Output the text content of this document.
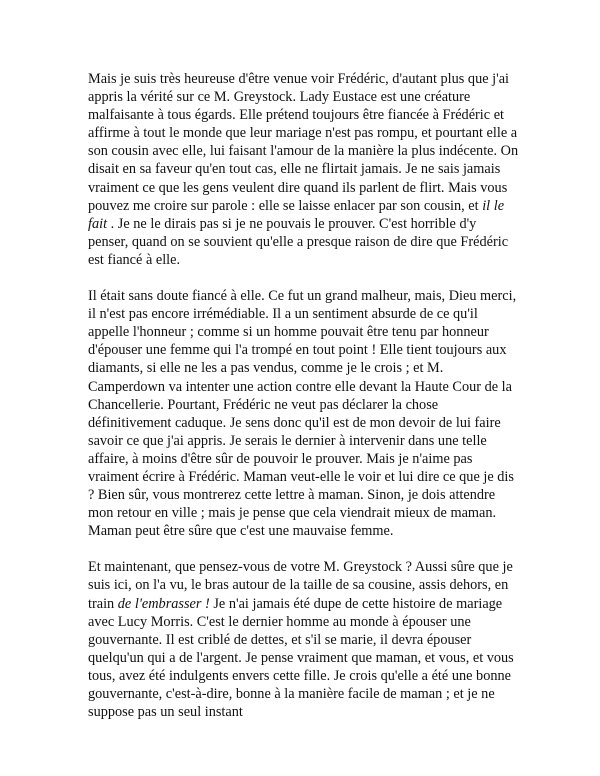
Mais je suis très heureuse d'être venue voir Frédéric, d'autant plus que j'ai appris la vérité sur ce M. Greystock. Lady Eustace est une créature malfaisante à tous égards. Elle prétend toujours être fiancée à Frédéric et affirme à tout le monde que leur mariage n'est pas rompu, et pourtant elle a son cousin avec elle, lui faisant l'amour de la manière la plus indécente. On disait en sa faveur qu'en tout cas, elle ne flirtait jamais. Je ne sais jamais vraiment ce que les gens veulent dire quand ils parlent de flirt. Mais vous pouvez me croire sur parole : elle se laisse enlacer par son cousin, et il le fait . Je ne le dirais pas si je ne pouvais le prouver. C'est horrible d'y penser, quand on se souvient qu'elle a presque raison de dire que Frédéric est fiancé à elle.

Il était sans doute fiancé à elle. Ce fut un grand malheur, mais, Dieu merci, il n'est pas encore irrémédiable. Il a un sentiment absurde de ce qu'il appelle l'honneur ; comme si un homme pouvait être tenu par honneur d'épouser une femme qui l'a trompé en tout point ! Elle tient toujours aux diamants, si elle ne les a pas vendus, comme je le crois ; et M. Camperdown va intenter une action contre elle devant la Haute Cour de la Chancellerie. Pourtant, Frédéric ne veut pas déclarer la chose définitivement caduque. Je sens donc qu'il est de mon devoir de lui faire savoir ce que j'ai appris. Je serais le dernier à intervenir dans une telle affaire, à moins d'être sûr de pouvoir le prouver. Mais je n'aime pas vraiment écrire à Frédéric. Maman veut-elle le voir et lui dire ce que je dis ? Bien sûr, vous montrerez cette lettre à maman. Sinon, je dois attendre mon retour en ville ; mais je pense que cela viendrait mieux de maman. Maman peut être sûre que c'est une mauvaise femme.

Et maintenant, que pensez-vous de votre M. Greystock ? Aussi sûre que je suis ici, on l'a vu, le bras autour de la taille de sa cousine, assis dehors, en train de l'embrasser ! Je n'ai jamais été dupe de cette histoire de mariage avec Lucy Morris. C'est le dernier homme au monde à épouser une gouvernante. Il est criblé de dettes, et s'il se marie, il devra épouser quelqu'un qui a de l'argent. Je pense vraiment que maman, et vous, et vous tous, avez été indulgents envers cette fille. Je crois qu'elle a été une bonne gouvernante, c'est-à-dire, bonne à la manière facile de maman ; et je ne suppose pas un seul instant
